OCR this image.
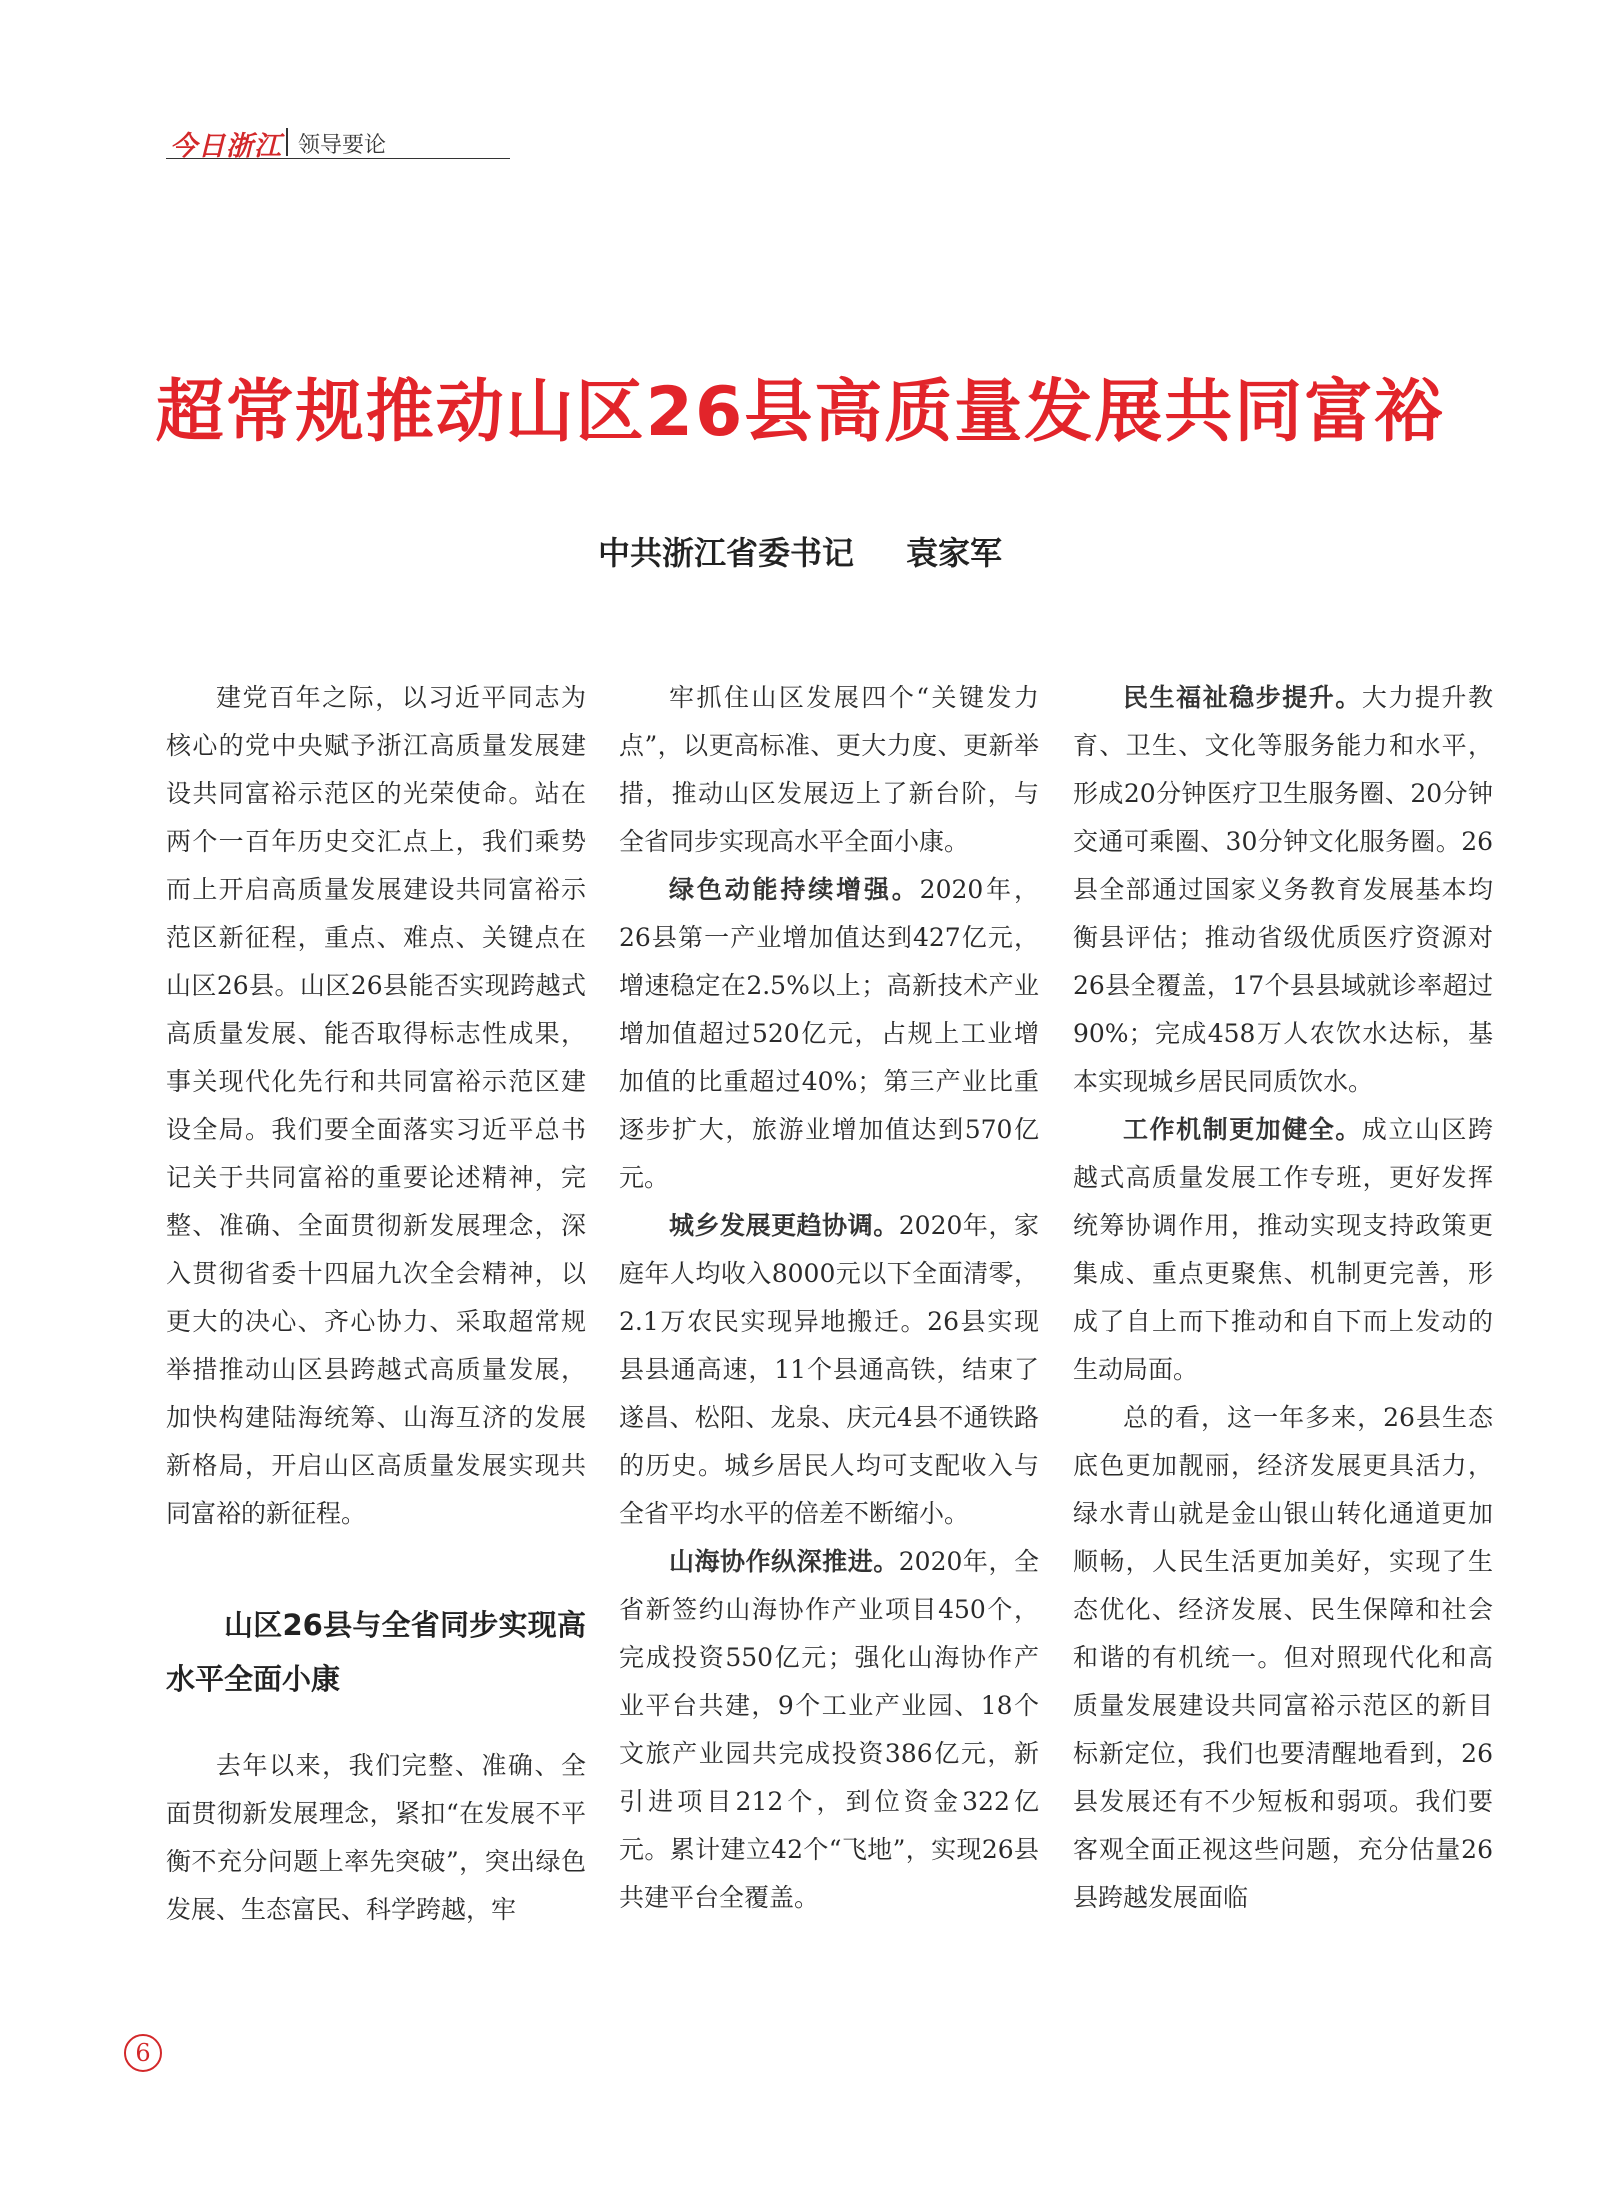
今日浙江 领导要论
超常规推动山区26县高质量发展共同富裕
中共浙江省委书记 袁家军

建党百年之际，以习近平同志为核心的党中央赋予浙江高质量发展建设共同富裕示范区的光荣使命。站在两个一百年历史交汇点上，我们乘势而上开启高质量发展建设共同富裕示范区新征程，重点、难点、关键点在山区26县。山区26县能否实现跨越式高质量发展、能否取得标志性成果，事关现代化先行和共同富裕示范区建设全局。我们要全面落实习近平总书记关于共同富裕的重要论述精神，完整、准确、全面贯彻新发展理念，深入贯彻省委十四届九次全会精神，以更大的决心、齐心协力、采取超常规举措推动山区县跨越式高质量发展，加快构建陆海统筹、山海互济的发展新格局，开启山区高质量发展实现共同富裕的新征程。

山区26县与全省同步实现高水平全面小康

去年以来，我们完整、准确、全面贯彻新发展理念，紧扣“在发展不平衡不充分问题上率先突破”，突出绿色发展、生态富民、科学跨越，牢

牢抓住山区发展四个“关键发力点”，以更高标准、更大力度、更新举措，推动山区发展迈上了新台阶，与全省同步实现高水平全面小康。

绿色动能持续增强。2020年，26县第一产业增加值达到427亿元，增速稳定在2.5%以上；高新技术产业增加值超过520亿元，占规上工业增加值的比重超过40%；第三产业比重逐步扩大，旅游业增加值达到570亿元。

城乡发展更趋协调。2020年，家庭年人均收入8000元以下全面清零，2.1万农民实现异地搬迁。26县实现县县通高速，11个县通高铁，结束了遂昌、松阳、龙泉、庆元4县不通铁路的历史。城乡居民人均可支配收入与全省平均水平的倍差不断缩小。

山海协作纵深推进。2020年，全省新签约山海协作产业项目450个，完成投资550亿元；强化山海协作产业平台共建，9个工业产业园、18个文旅产业园共完成投资386亿元，新引进项目212个，到位资金322亿元。累计建立42个“飞地”，实现26县共建平台全覆盖。

民生福祉稳步提升。大力提升教育、卫生、文化等服务能力和水平，形成20分钟医疗卫生服务圈、20分钟交通可乘圈、30分钟文化服务圈。26县全部通过国家义务教育发展基本均衡县评估；推动省级优质医疗资源对26县全覆盖，17个县县域就诊率超过90%；完成458万人农饮水达标，基本实现城乡居民同质饮水。

工作机制更加健全。成立山区跨越式高质量发展工作专班，更好发挥统筹协调作用，推动实现支持政策更集成、重点更聚焦、机制更完善，形成了自上而下推动和自下而上发动的生动局面。

总的看，这一年多来，26县生态底色更加靓丽，经济发展更具活力，绿水青山就是金山银山转化通道更加顺畅，人民生活更加美好，实现了生态优化、经济发展、民生保障和社会和谐的有机统一。但对照现代化和高质量发展建设共同富裕示范区的新目标新定位，我们也要清醒地看到，26县发展还有不少短板和弱项。我们要客观全面正视这些问题，充分估量26县跨越发展面临

6
